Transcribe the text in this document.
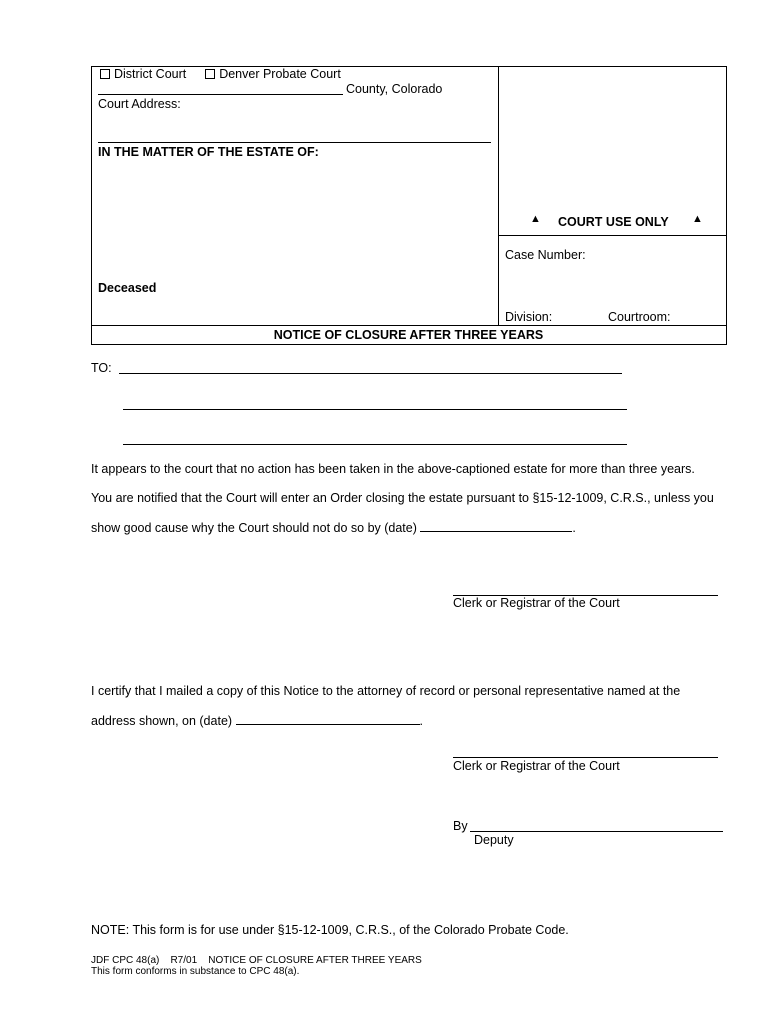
District Court	Denver Probate Court
County, Colorado
Court Address:
IN THE MATTER OF THE ESTATE OF:
Deceased
▲ COURT USE ONLY ▲
Case Number:
Division:	Courtroom:
NOTICE OF CLOSURE AFTER THREE YEARS
TO:
It appears to the court that no action has been taken in the above-captioned estate for more than three years.
You are notified that the Court will enter an Order closing the estate pursuant to §15-12-1009, C.R.S., unless you
show good cause why the Court should not do so by (date)	.
Clerk or Registrar of the Court
I certify that I mailed a copy of this Notice to the attorney of record or personal representative named at the
address shown, on (date)	.
Clerk or Registrar of the Court
By
Deputy
NOTE: This form is for use under §15-12-1009, C.R.S., of the Colorado Probate Code.
JDF CPC 48(a)    R7/01    NOTICE OF CLOSURE AFTER THREE YEARS
This form conforms in substance to CPC 48(a).
